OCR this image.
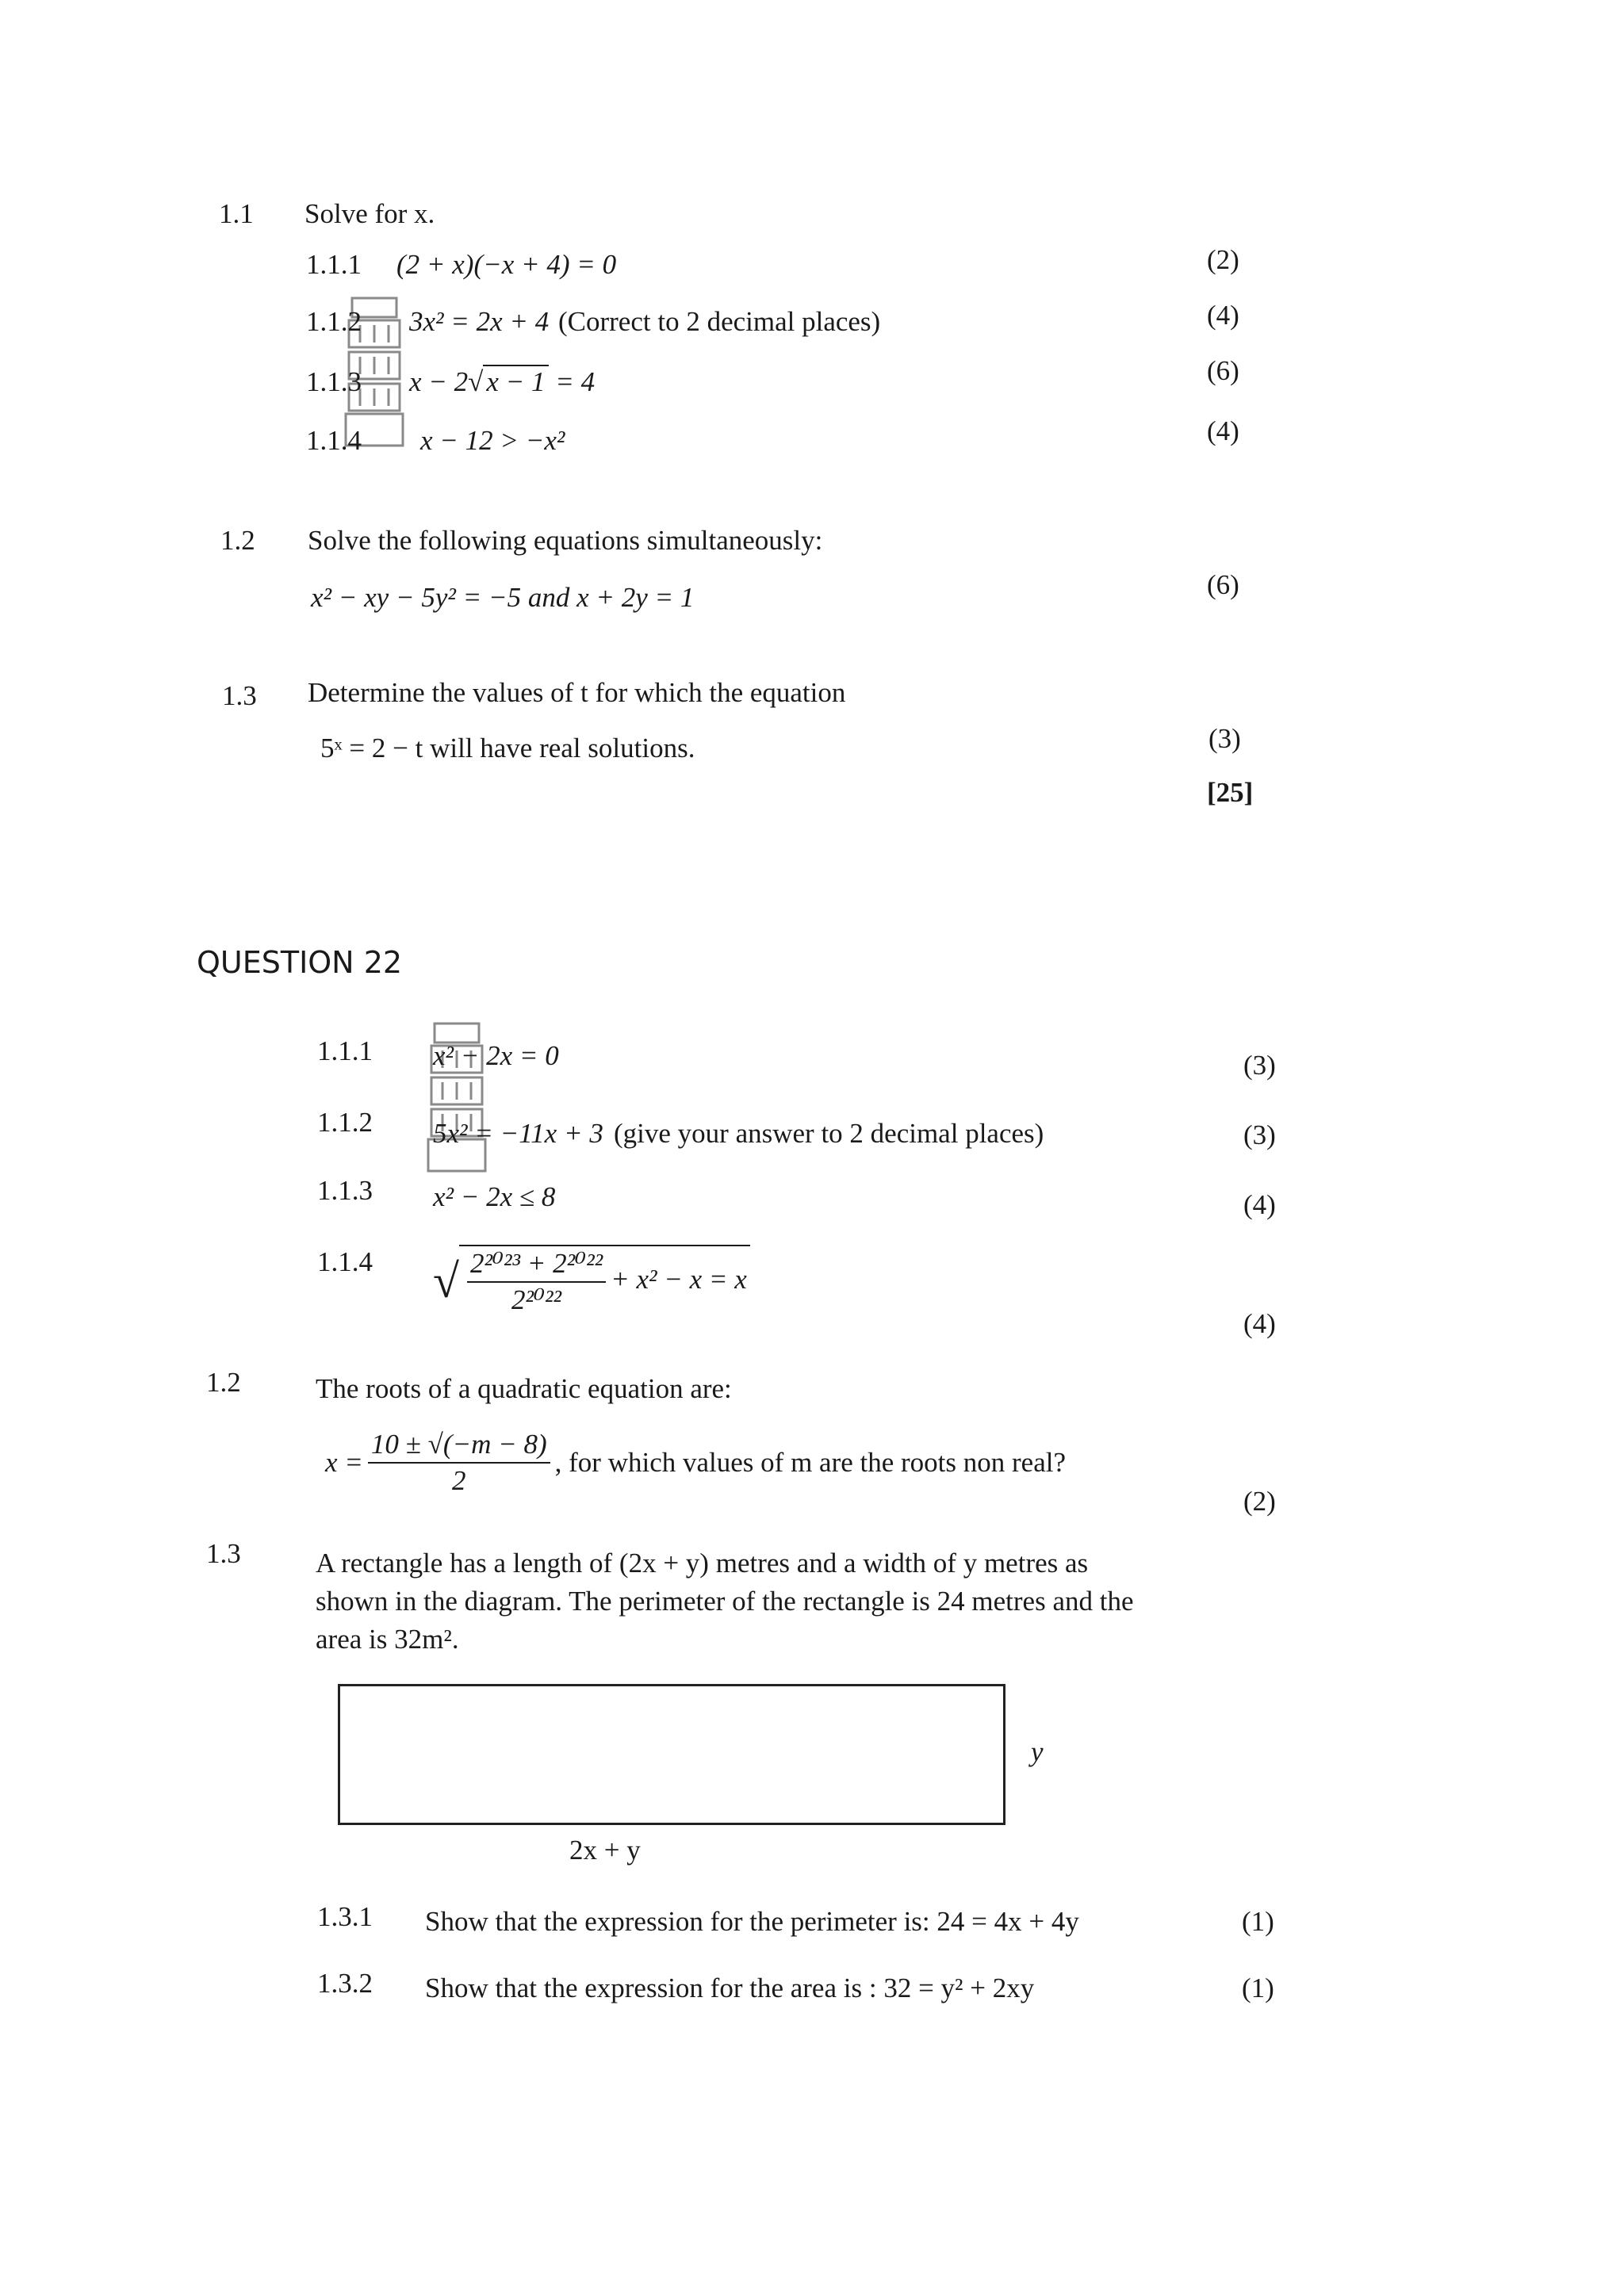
1.1 Solve for x.
1.1.1 (2 + x)(−x + 4) = 0	(2)
1.1.2 3x² = 2x + 4 (Correct to 2 decimal places)	(4)
1.1.3 x − 2√ x − 1 = 4	(6)
1.1.4 x − 12 > −x²	(4)
1.2 Solve the following equations simultaneously:
x² − xy − 5y² = −5 and x + 2y = 1	(6)
1.3 Determine the values of t for which the equation
5ˣ = 2 − t will have real solutions.	(3)
[25]
QUESTION 22
1.1.1 x² − 2x = 0	(3)
1.1.2 5x² = −11x + 3 (give your answer to 2 decimal places)	(3)
1.1.3 x² − 2x ≤ 8	(4)
1.1.4 √ $\frac{\text{2²⁰²³ + 2²⁰²²}}{\text{2²⁰²²}} + x^2 - x = x$
(4)
1.2	The roots of a quadratic equation are:
$x = \frac{10 \pm √(-m - 8)}{2}$ , for which values of m are the roots non real?
(2)
1.3	A rectangle has a length of (2x + y) metres and a width of y metres as
shown in the diagram. The perimeter of the rectangle is 24 metres and the
area is 32m².
y
2x + y
1.3.1 Show that the expression for the perimeter is: 24 = 4x + 4y	(1)
1.3.2 Show that the expression for the area is : 32 = y² + 2xy	(1)
